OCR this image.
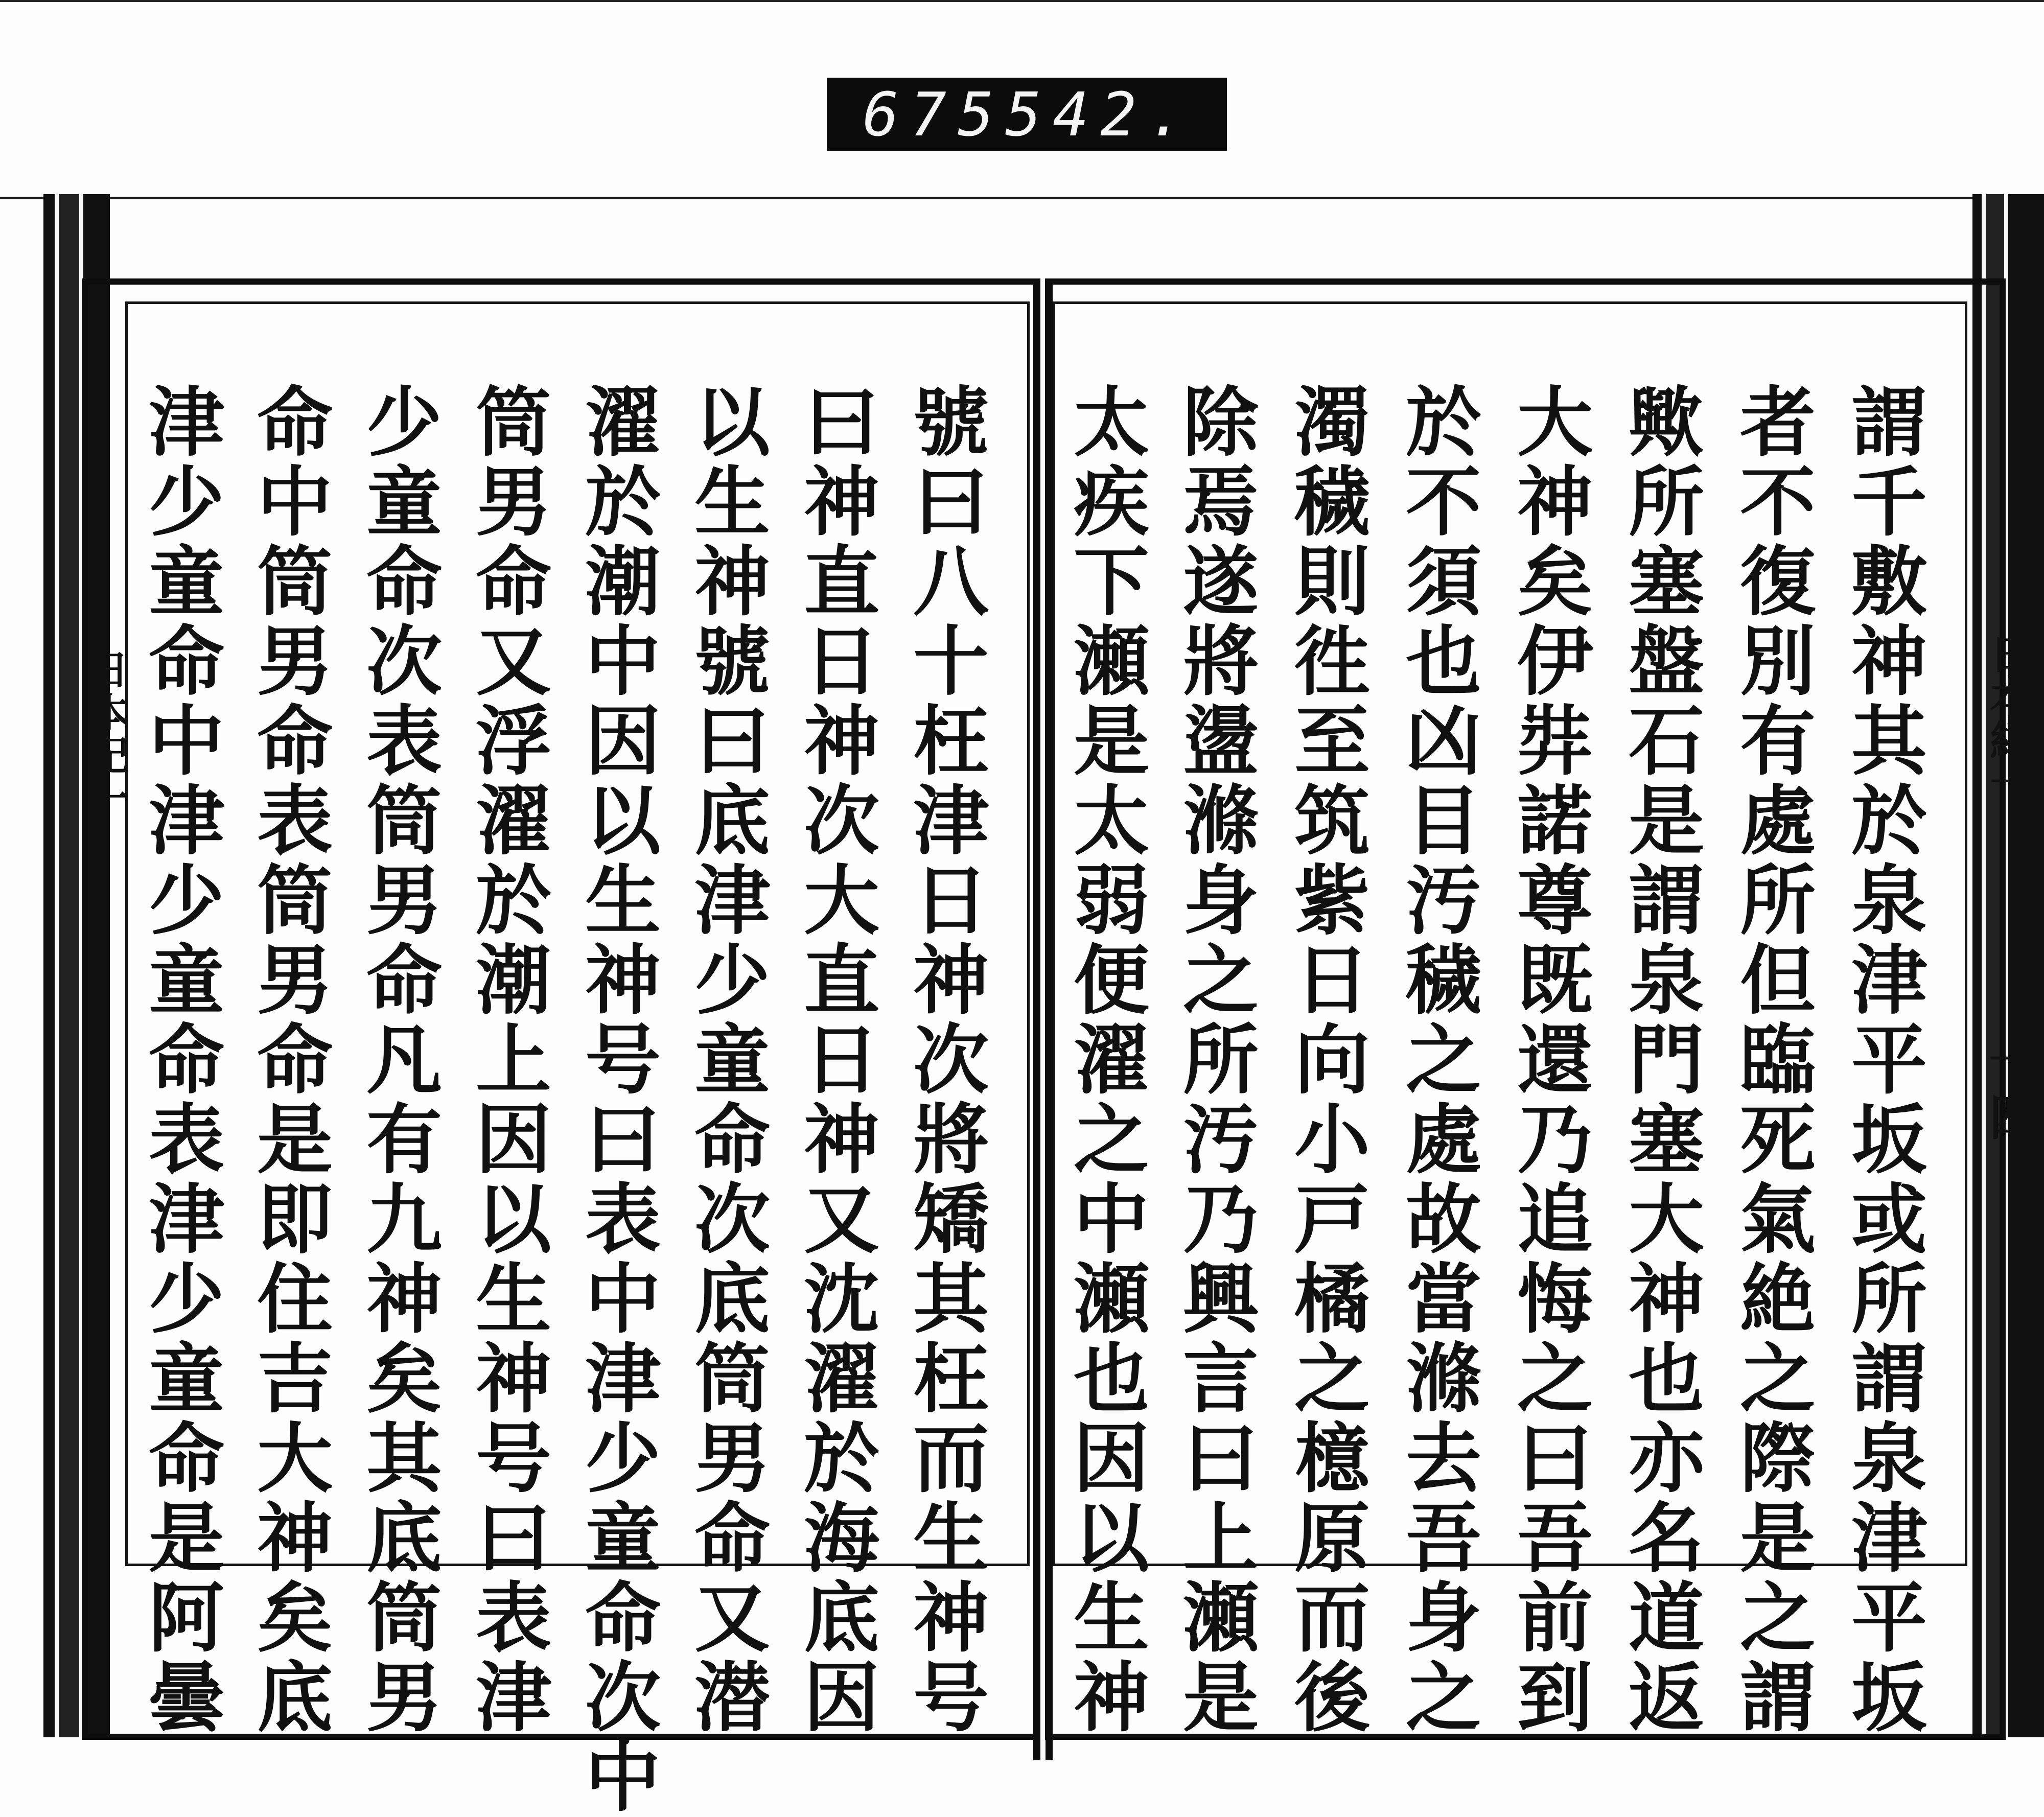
675 542.
日本紀一	號曰八十枉津日神次將矯其枉而生神号
曰神直日神次大直日神又沈濯於海底因
以生神號曰底津少童命次底筒男命又潜
濯於潮中因以生神号曰表中津少童命次中
筒男命又浮濯於潮上因以生神号曰表津
少童命次表筒男命凡有九神矣其底筒男
命中筒男命表筒男命是即住吉大神矣底
津少童命中津少童命表津少童命是阿曇	日本紀一
十四
謂千敷神其於泉津平坂或所謂泉津平坂
者不復別有處所但臨死氣絶之際是之謂
歟所塞盤石是謂泉門塞大神也亦名道返
大神矣伊弉諾尊既還乃追悔之曰吾前到
於不須也凶目汚穢之處故當滌去吾身之
濁穢則徃至筑紫日向小戸橘之檍原而後
除焉遂將盪滌身之所汚乃興言曰上瀬是
太疾下瀬是太弱便濯之中瀬也因以生神
